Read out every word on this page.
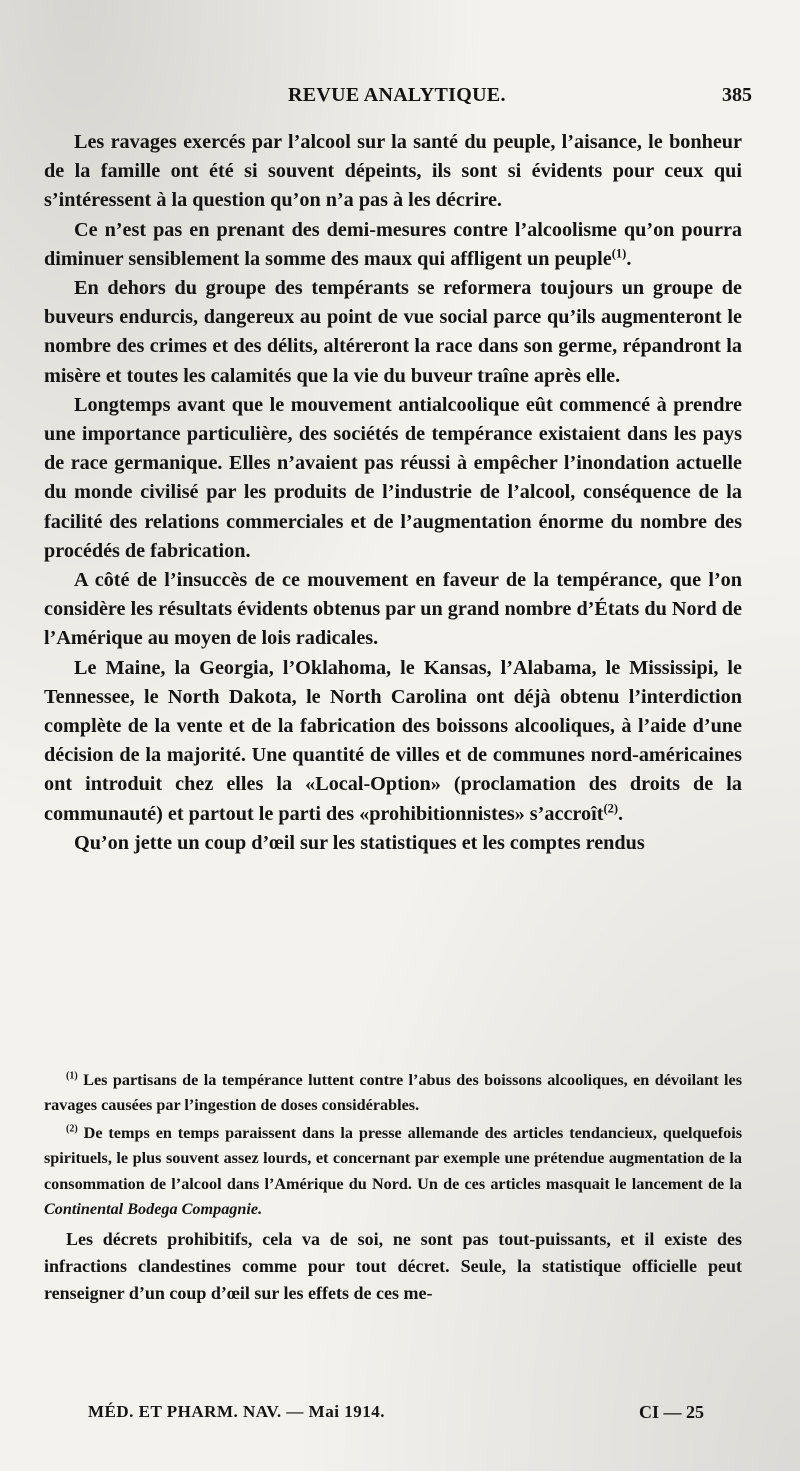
REVUE ANALYTIQUE.	385

Les ravages exercés par l’alcool sur la santé du peuple, l’aisance, le bonheur de la famille ont été si souvent dépeints, ils sont si évidents pour ceux qui s’intéressent à la question qu’on n’a pas à les décrire.

Ce n’est pas en prenant des demi-mesures contre l’alcoolisme qu’on pourra diminuer sensiblement la somme des maux qui affligent un peuple$^{(1)}$.

En dehors du groupe des tempérants se reformera toujours un groupe de buveurs endurcis, dangereux au point de vue social parce qu’ils augmenteront le nombre des crimes et des délits, altéreront la race dans son germe, répandront la misère et toutes les calamités que la vie du buveur traîne après elle.

Longtemps avant que le mouvement antialcoolique eût commencé à prendre une importance particulière, des sociétés de tempérance existaient dans les pays de race germanique. Elles n’avaient pas réussi à empêcher l’inondation actuelle du monde civilisé par les produits de l’industrie de l’alcool, conséquence de la facilité des relations commerciales et de l’augmentation énorme du nombre des procédés de fabrication.

A côté de l’insuccès de ce mouvement en faveur de la tempérance, que l’on considère les résultats évidents obtenus par un grand nombre d’États du Nord de l’Amérique au moyen de lois radicales.

Le Maine, la Georgia, l’Oklahoma, le Kansas, l’Alabama, le Mississipi, le Tennessee, le North Dakota, le North Carolina ont déjà obtenu l’interdiction complète de la vente et de la fabrication des boissons alcooliques, à l’aide d’une décision de la majorité. Une quantité de villes et de communes nord-américaines ont introduit chez elles la «Local-Option» (proclamation des droits de la communauté) et partout le parti des «prohibitionnistes» s’accroît$^{(2)}$.

Qu’on jette un coup d’œil sur les statistiques et les comptes rendus

$^{(1)}$ Les partisans de la tempérance luttent contre l’abus des boissons alcooliques, en dévoilant les ravages causées par l’ingestion de doses considérables.

$^{(2)}$ De temps en temps paraissent dans la presse allemande des articles tendancieux, quelquefois spirituels, le plus souvent assez lourds, et concernant par exemple une prétendue augmentation de la consommation de l’alcool dans l’Amérique du Nord. Un de ces articles masquait le lancement de la Continental Bodega Compagnie.

Les décrets prohibitifs, cela va de soi, ne sont pas tout-puissants, et il existe des infractions clandestines comme pour tout décret. Seule, la statistique officielle peut renseigner d’un coup d’œil sur les effets de ces me-

MÉD. ET PHARM. NAV. — Mai 1914.	CI — 25
